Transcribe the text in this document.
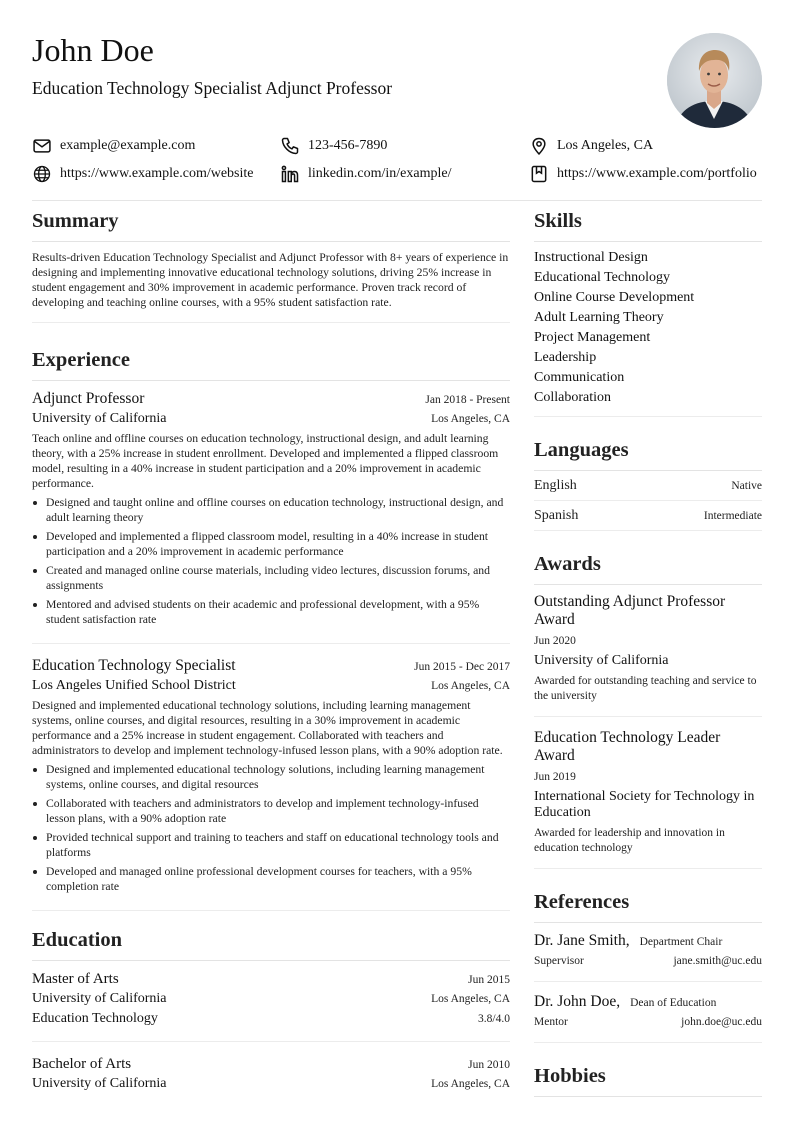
John Doe
Education Technology Specialist Adjunct Professor
example@example.com	123-456-7890	Los Angeles, CA
https://www.example.com/website	linkedin.com/in/example/	https://www.example.com/portfolio
Summary

Results-driven Education Technology Specialist and Adjunct Professor with 8+ years of experience in designing and implementing innovative educational technology solutions, driving 25% increase in student engagement and 30% improvement in academic performance. Proven track record of developing and teaching online courses, with a 95% student satisfaction rate.

Experience
Adjunct Professor	Jan 2018 - Present
University of California	Los Angeles, CA

Teach online and offline courses on education technology, instructional design, and adult learning theory, with a 25% increase in student enrollment. Developed and implemented a flipped classroom model, resulting in a 40% increase in student participation and a 20% improvement in academic performance.

Designed and taught online and offline courses on education technology, instructional design, and adult learning theory
Developed and implemented a flipped classroom model, resulting in a 40% increase in student participation and a 20% improvement in academic performance
Created and managed online course materials, including video lectures, discussion forums, and assignments
Mentored and advised students on their academic and professional development, with a 95% student satisfaction rate
Education Technology Specialist	Jun 2015 - Dec 2017
Los Angeles Unified School District	Los Angeles, CA

Designed and implemented educational technology solutions, including learning management systems, online courses, and digital resources, resulting in a 30% improvement in academic performance and a 25% increase in student engagement. Collaborated with teachers and administrators to develop and implement technology-infused lesson plans, with a 90% adoption rate.

Designed and implemented educational technology solutions, including learning management systems, online courses, and digital resources
Collaborated with teachers and administrators to develop and implement technology-infused lesson plans, with a 90% adoption rate
Provided technical support and training to teachers and staff on educational technology tools and platforms
Developed and managed online professional development courses for teachers, with a 95% completion rate
Education
Master of Arts	Jun 2015
University of California	Los Angeles, CA
Education Technology	3.8/4.0
Bachelor of Arts	Jun 2010
University of California	Los Angeles, CA
Skills
Instructional Design
Educational Technology
Online Course Development
Adult Learning Theory
Project Management
Leadership
Communication
Collaboration
Languages
English	Native
Spanish	Intermediate
Awards
Outstanding Adjunct Professor Award
Jun 2020
University of California
Awarded for outstanding teaching and service to the university
Education Technology Leader Award
Jun 2019
International Society for Technology in Education
Awarded for leadership and innovation in education technology
References
Dr. Jane Smith, Department Chair
Supervisor	jane.smith@uc.edu
Dr. John Doe, Dean of Education
Mentor	john.doe@uc.edu
Hobbies
